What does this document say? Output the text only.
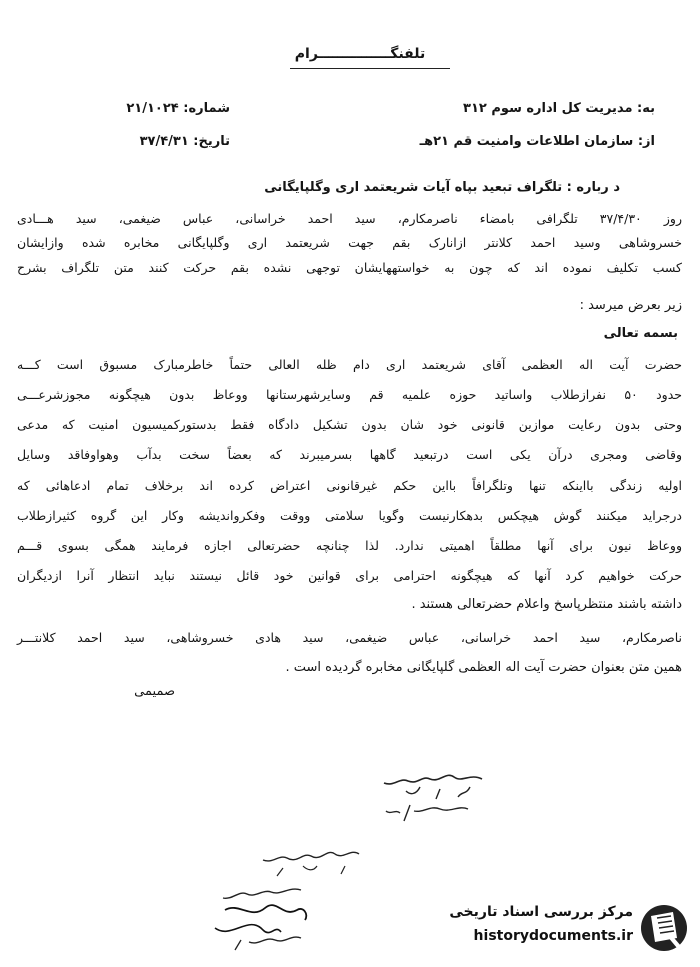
تلفنگـــــــــــــــرام
به: مدیریت کل اداره سوم ۳۱۲
از: سازمان اطلاعات وامنیت قم ۲۱هـ
شماره: ۲۱/۱۰۲۴
تاریخ: ۳۷/۴/۳۱
د رباره : تلگراف تبعید بپاه آیات شریعتمد اری وگلپایگانی
روز ۳۷/۴/۳۰ تلگرافی بامضاء ناصرمکارم، سید احمد خراسانی، عباس ضیغمی، سید هـــادی
خسروشاهی وسید احمد کلانتر ازانارک بقم جهت شریعتمد اری وگلپایگانی مخابره شده وازایشان
کسب تکلیف نموده اند که چون به خواستههایشان توجهی نشده بقم حرکت کنند متن تلگراف بشرح
زیر بعرض میرسد :
بسمه تعالی
حضرت آیت اله العظمی آقای شریعتمد اری دام ظله العالی حتماً خاطرمبارک مسبوق است کـــه
حدود ۵۰ نفرازطلاب واساتید حوزه علمیه قم وسایرشهرستانها ووعاظ بدون هیچگونه مجوزشرعـــی
وحتی بدون رعایت موازین قانونی خود شان بدون تشکیل دادگاه فقط بدستورکمیسیون امنیت که مدعی
وقاضی ومجری درآن یکی است درتبعید گاهها بسرمیبرند که بعضاً سخت بدآب وهواوفاقد وسایل
اولیه زندگی بااینکه تنها وتلگرافاً بااین حکم غیرقانونی اعتراض کرده اند برخلاف تمام ادعاهائی که
درجراید میکنند گوش هیچکس بدهکارنیست وگویا سلامتی ووقت وفکرواندیشه وکار این گروه کثیرازطلاب
ووعاظ نیون برای آنها مطلقاً اهمیتی ندارد. لذا چنانچه حضرتعالی اجازه فرمایند همگی بسوی قـــم
حرکت خواهیم کرد آنها که هیچگونه احترامی برای قوانین خود قائل نیستند نباید انتظار آنرا ازدیگران
داشته باشند منتظرپاسخ واعلام حضرتعالی هستند .
ناصرمکارم، سید احمد خراسانی، عباس ضیغمی، سید هادی خسروشاهی، سید احمد کلانتـــر
همین متن بعنوان حضرت آیت اله العظمی گلپایگانی مخابره گردیده است .
صمیمی
مرکز بررسی اسناد تاریخی
historydocuments.ir
